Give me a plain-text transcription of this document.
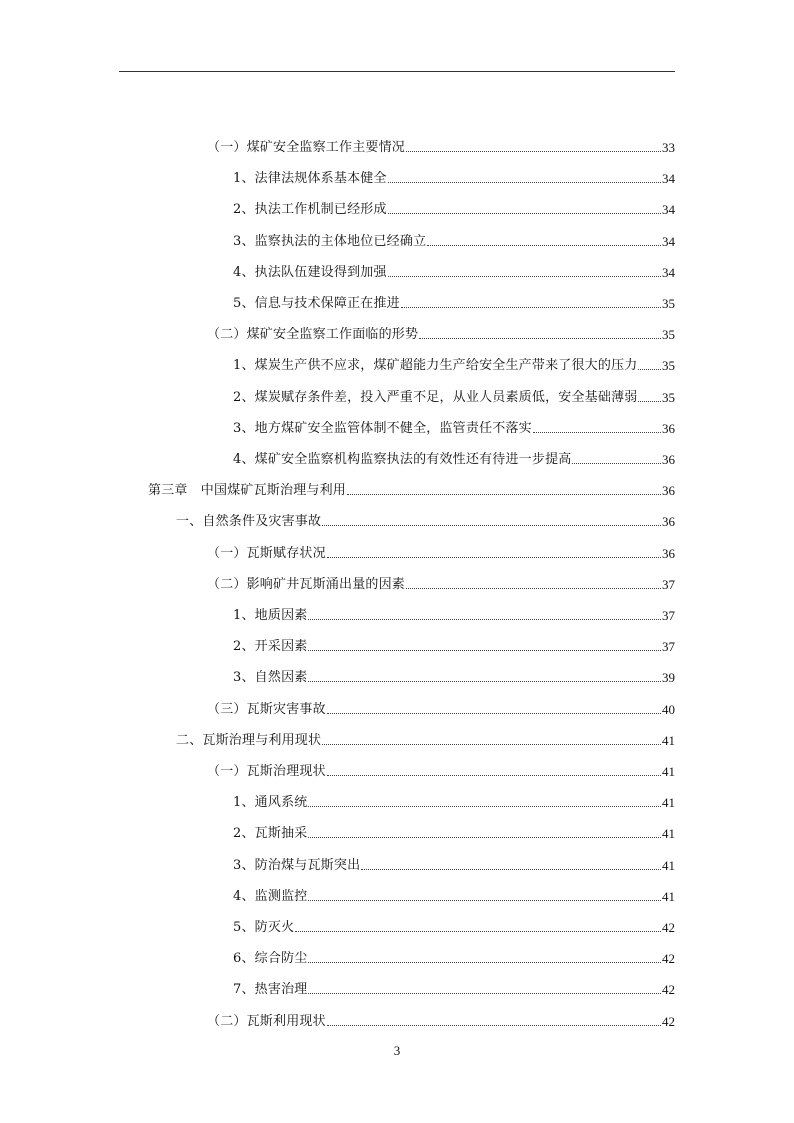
（一）煤矿安全监察工作主要情况	33
1、法律法规体系基本健全	34
2、执法工作机制已经形成	34
3、监察执法的主体地位已经确立	34
4、执法队伍建设得到加强	34
5、信息与技术保障正在推进	35
（二）煤矿安全监察工作面临的形势	35
1、煤炭生产供不应求，煤矿超能力生产给安全生产带来了很大的压力 35
2、煤炭赋存条件差，投入严重不足，从业人员素质低，安全基础薄弱 35
3、地方煤矿安全监管体制不健全，监管责任不落实	36
4、煤矿安全监察机构监察执法的有效性还有待进一步提高	36
第三章　中国煤矿瓦斯治理与利用	36
一、自然条件及灾害事故	36
（一）瓦斯赋存状况	36
（二）影响矿井瓦斯涌出量的因素	37
1、地质因素	37
2、开采因素	37
3、自然因素	39
（三）瓦斯灾害事故	40
二、瓦斯治理与利用现状	41
（一）瓦斯治理现状	41
1、通风系统	41
2、瓦斯抽采	41
3、防治煤与瓦斯突出	41
4、监测监控	41
5、防灭火	42
6、综合防尘	42
7、热害治理	42
（二）瓦斯利用现状	42
3
